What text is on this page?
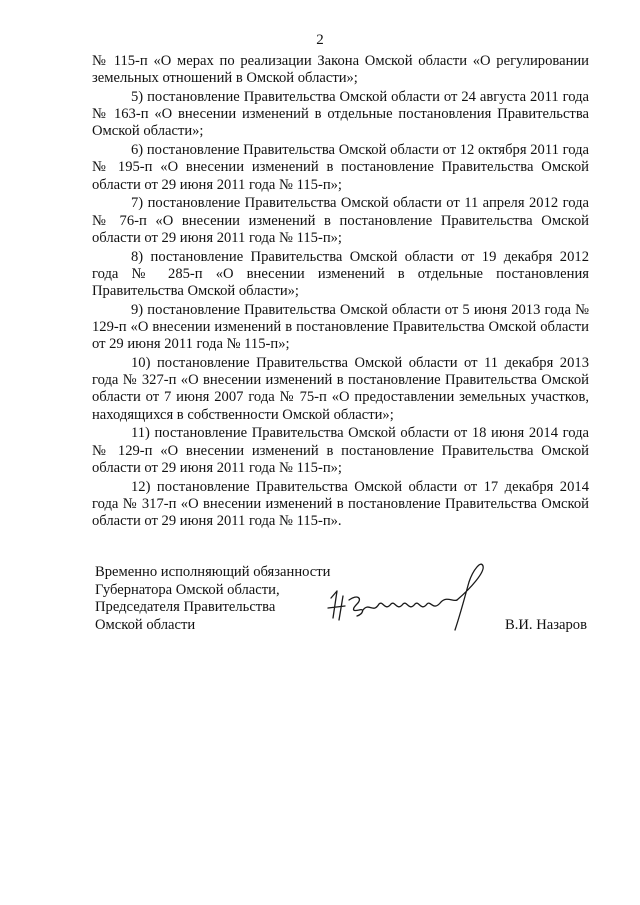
2

№ 115-п «О мерах по реализации Закона Омской области «О регулировании земельных отношений в Омской области»;

5) постановление Правительства Омской области от 24 августа 2011 года № 163-п «О внесении изменений в отдельные постановления Правительства Омской области»;

6) постановление Правительства Омской области от 12 октября 2011 года № 195-п «О внесении изменений в постановление Правительства Омской области от 29 июня 2011 года № 115-п»;

7) постановление Правительства Омской области от 11 апреля 2012 года № 76-п «О внесении изменений в постановление Правительства Омской области от 29 июня 2011 года № 115-п»;

8) постановление Правительства Омской области от 19 декабря 2012 года № 285-п «О внесении изменений в отдельные постановления Правительства Омской области»;

9) постановление Правительства Омской области от 5 июня 2013 года № 129-п «О внесении изменений в постановление Правительства Омской области от 29 июня 2011 года № 115-п»;

10) постановление Правительства Омской области от 11 декабря 2013 года № 327-п «О внесении изменений в постановление Правительства Омской области от 7 июня 2007 года № 75-п «О предоставлении земельных участков, находящихся в собственности Омской области»;

11) постановление Правительства Омской области от 18 июня 2014 года № 129-п «О внесении изменений в постановление Правительства Омской области от 29 июня 2011 года № 115-п»;

12) постановление Правительства Омской области от 17 декабря 2014 года № 317-п «О внесении изменений в постановление Правительства Омской области от 29 июня 2011 года № 115-п».

Временно исполняющий обязанности
Губернатора Омской области,
Председателя Правительства
Омской области	В.И. Назаров
